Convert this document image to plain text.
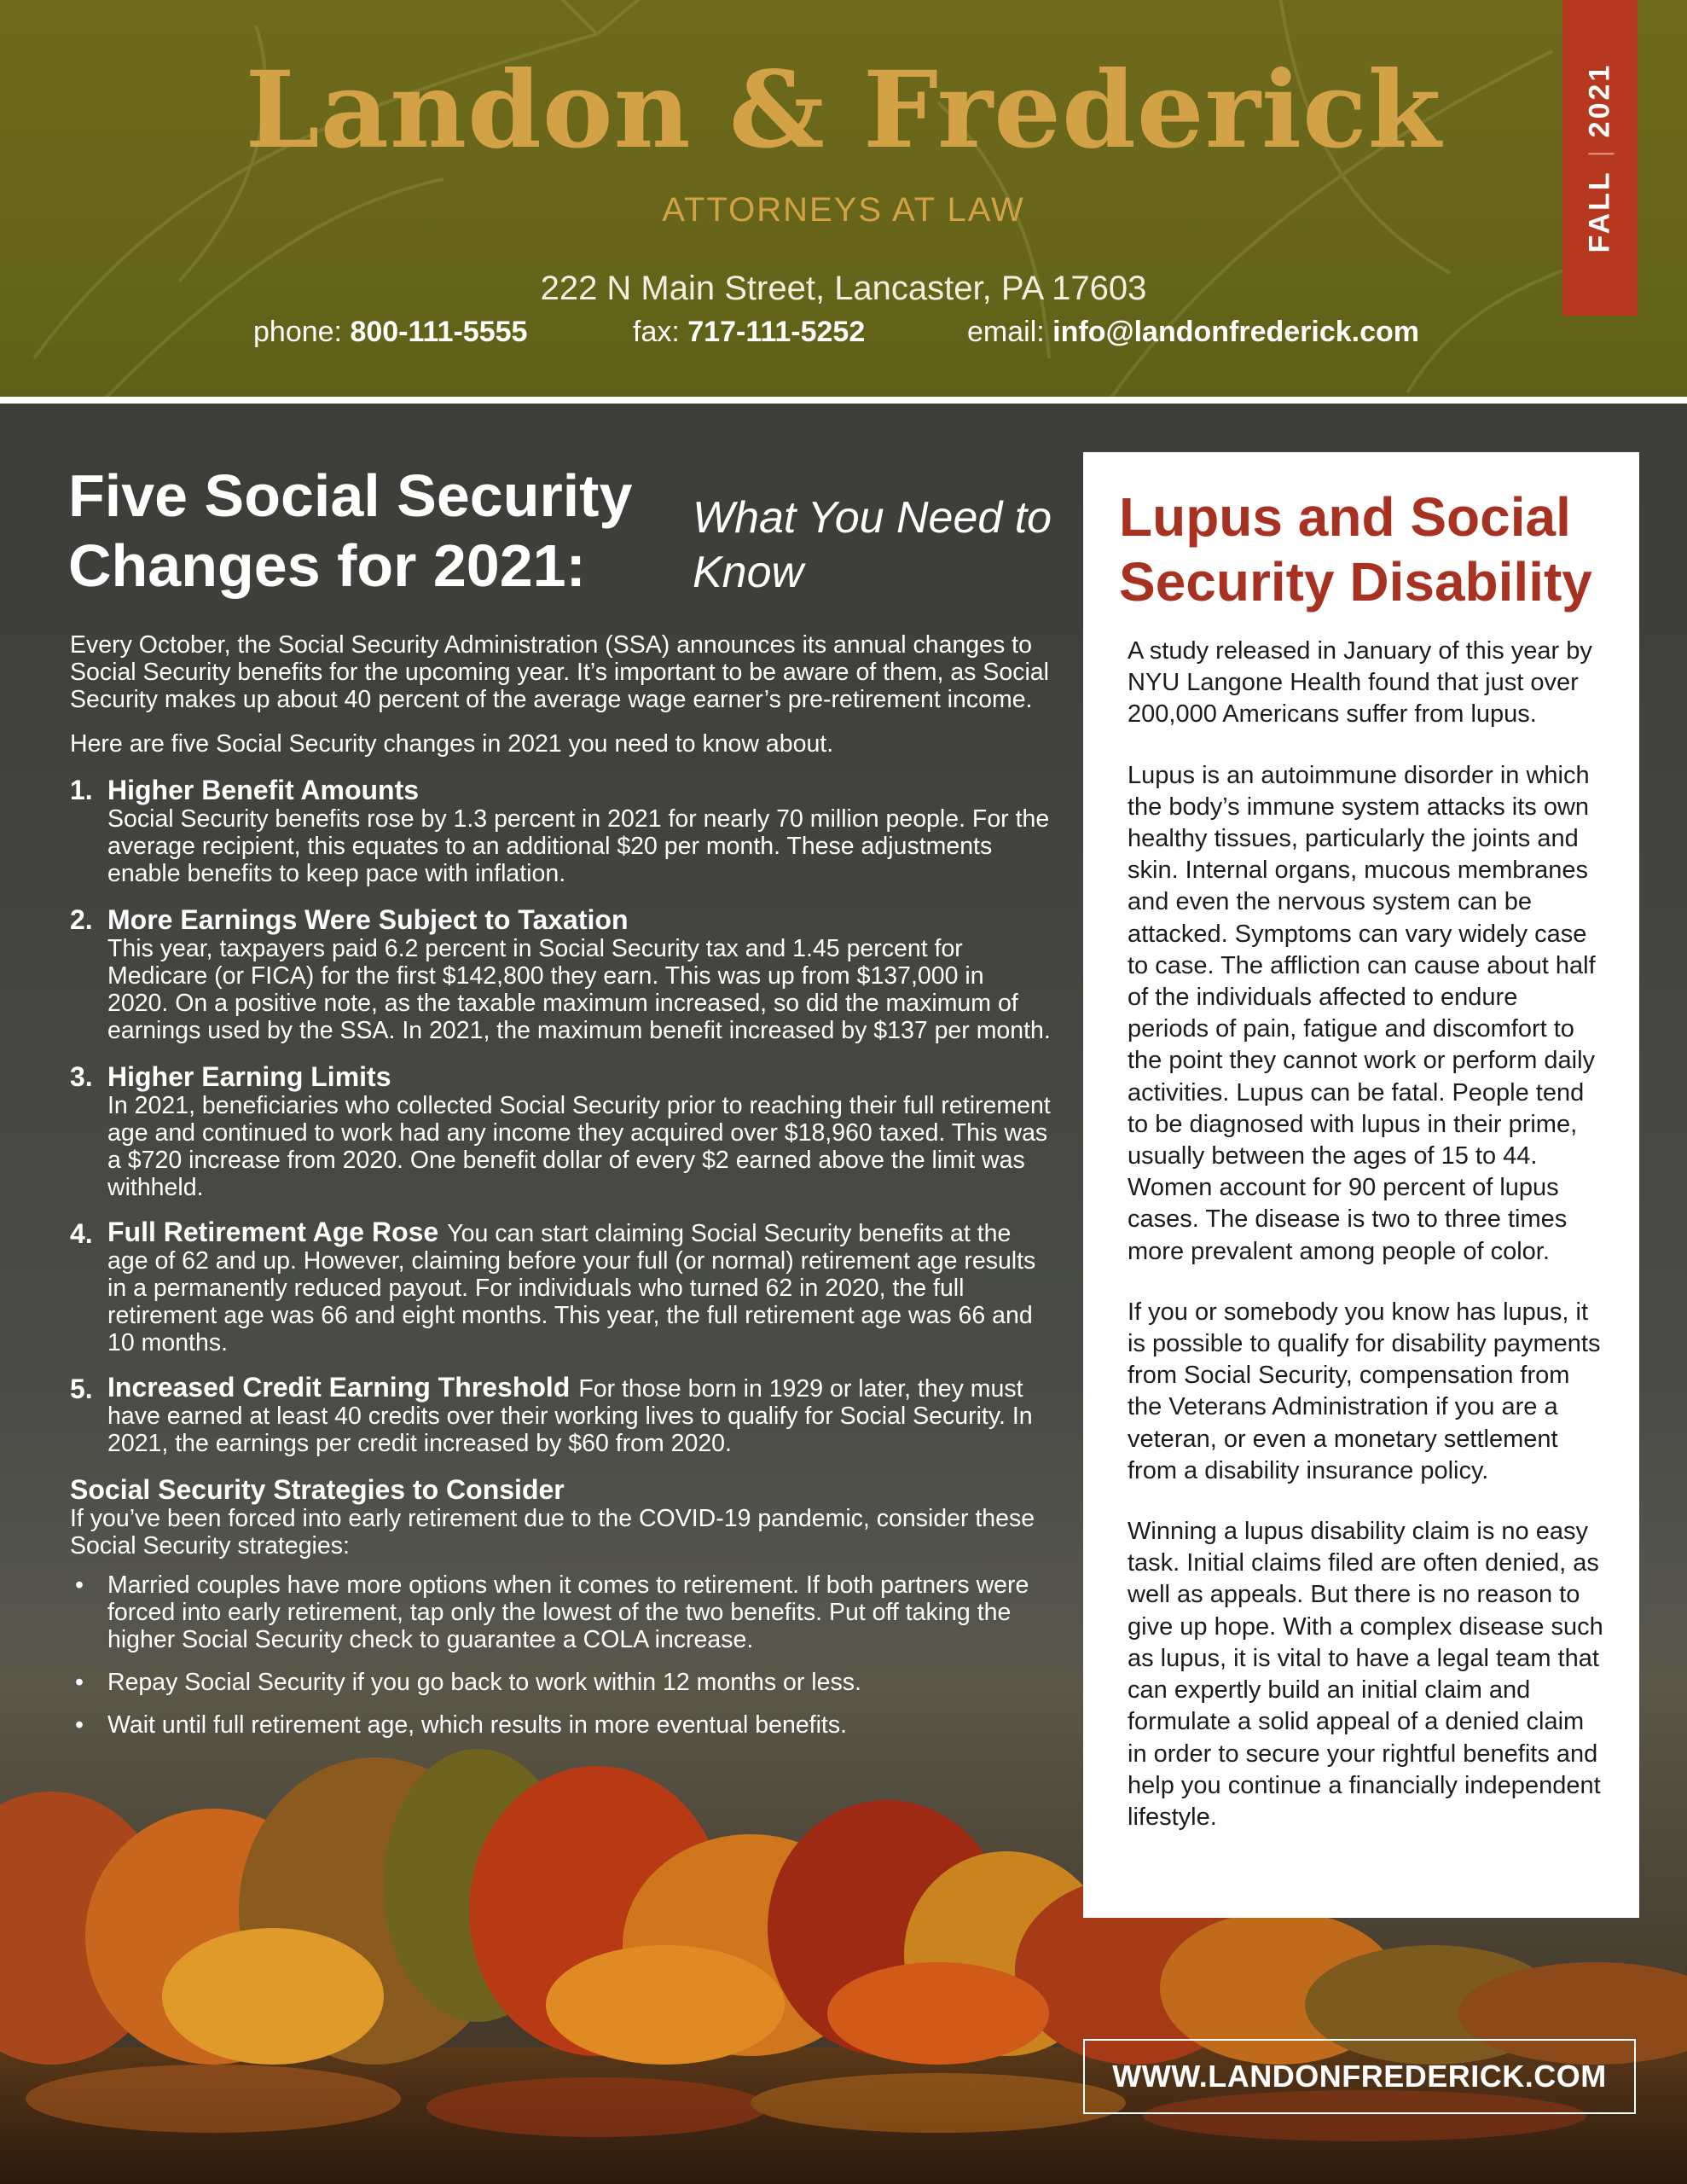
Landon & Frederick
ATTORNEYS AT LAW
222 N Main Street, Lancaster, PA 17603
phone: 800-111-5555	fax: 717-111-5252	email: info@landonfrederick.com
FALL2021
Five Social Security Changes for 2021:
What You Need to Know

Every October, the Social Security Administration (SSA) announces its annual changes to Social Security benefits for the upcoming year. It’s important to be aware of them, as Social Security makes up about 40 percent of the average wage earner’s pre-retirement income.

Here are five Social Security changes in 2021 you need to know about.

1. Higher Benefit Amounts
Social Security benefits rose by 1.3 percent in 2021 for nearly 70 million people. For the average recipient, this equates to an additional $20 per month. These adjustments enable benefits to keep pace with inflation.
2. More Earnings Were Subject to Taxation
This year, taxpayers paid 6.2 percent in Social Security tax and 1.45 percent for Medicare (or FICA) for the first $142,800 they earn. This was up from $137,000 in 2020. On a positive note, as the taxable maximum increased, so did the maximum of earnings used by the SSA. In 2021, the maximum benefit increased by $137 per month.
3. Higher Earning Limits
In 2021, beneficiaries who collected Social Security prior to reaching their full retirement age and continued to work had any income they acquired over $18,960 taxed. This was a $720 increase from 2020. One benefit dollar of every $2 earned above the limit was withheld.
4. Full Retirement Age Rose You can start claiming Social Security benefits at the age of 62 and up. However, claiming before your full (or normal) retirement age results in a permanently reduced payout. For individuals who turned 62 in 2020, the full retirement age was 66 and eight months. This year, the full retirement age was 66 and 10 months.
5. Increased Credit Earning Threshold For those born in 1929 or later, they must have earned at least 40 credits over their working lives to qualify for Social Security. In 2021, the earnings per credit increased by $60 from 2020.
Social Security Strategies to Consider
If you’ve been forced into early retirement due to the COVID-19 pandemic, consider these Social Security strategies:
• Married couples have more options when it comes to retirement. If both partners were forced into early retirement, tap only the lowest of the two benefits. Put off taking the higher Social Security check to guarantee a COLA increase.
• Repay Social Security if you go back to work within 12 months or less.
• Wait until full retirement age, which results in more eventual benefits.
Lupus and Social Security Disability

A study released in January of this year by NYU Langone Health found that just over 200,000 Americans suffer from lupus.

Lupus is an autoimmune disorder in which the body’s immune system attacks its own healthy tissues, particularly the joints and skin. Internal organs, mucous membranes and even the nervous system can be attacked. Symptoms can vary widely case to case. The affliction can cause about half of the individuals affected to endure periods of pain, fatigue and discomfort to the point they cannot work or perform daily activities. Lupus can be fatal. People tend to be diagnosed with lupus in their prime, usually between the ages of 15 to 44. Women account for 90 percent of lupus cases. The disease is two to three times more prevalent among people of color.

If you or somebody you know has lupus, it is possible to qualify for disability payments from Social Security, compensation from the Veterans Administration if you are a veteran, or even a monetary settlement from a disability insurance policy.

Winning a lupus disability claim is no easy task. Initial claims filed are often denied, as well as appeals. But there is no reason to give up hope. With a complex disease such as lupus, it is vital to have a legal team that can expertly build an initial claim and formulate a solid appeal of a denied claim in order to secure your rightful benefits and help you continue a financially independent lifestyle.

WWW.LANDONFREDERICK.COM
